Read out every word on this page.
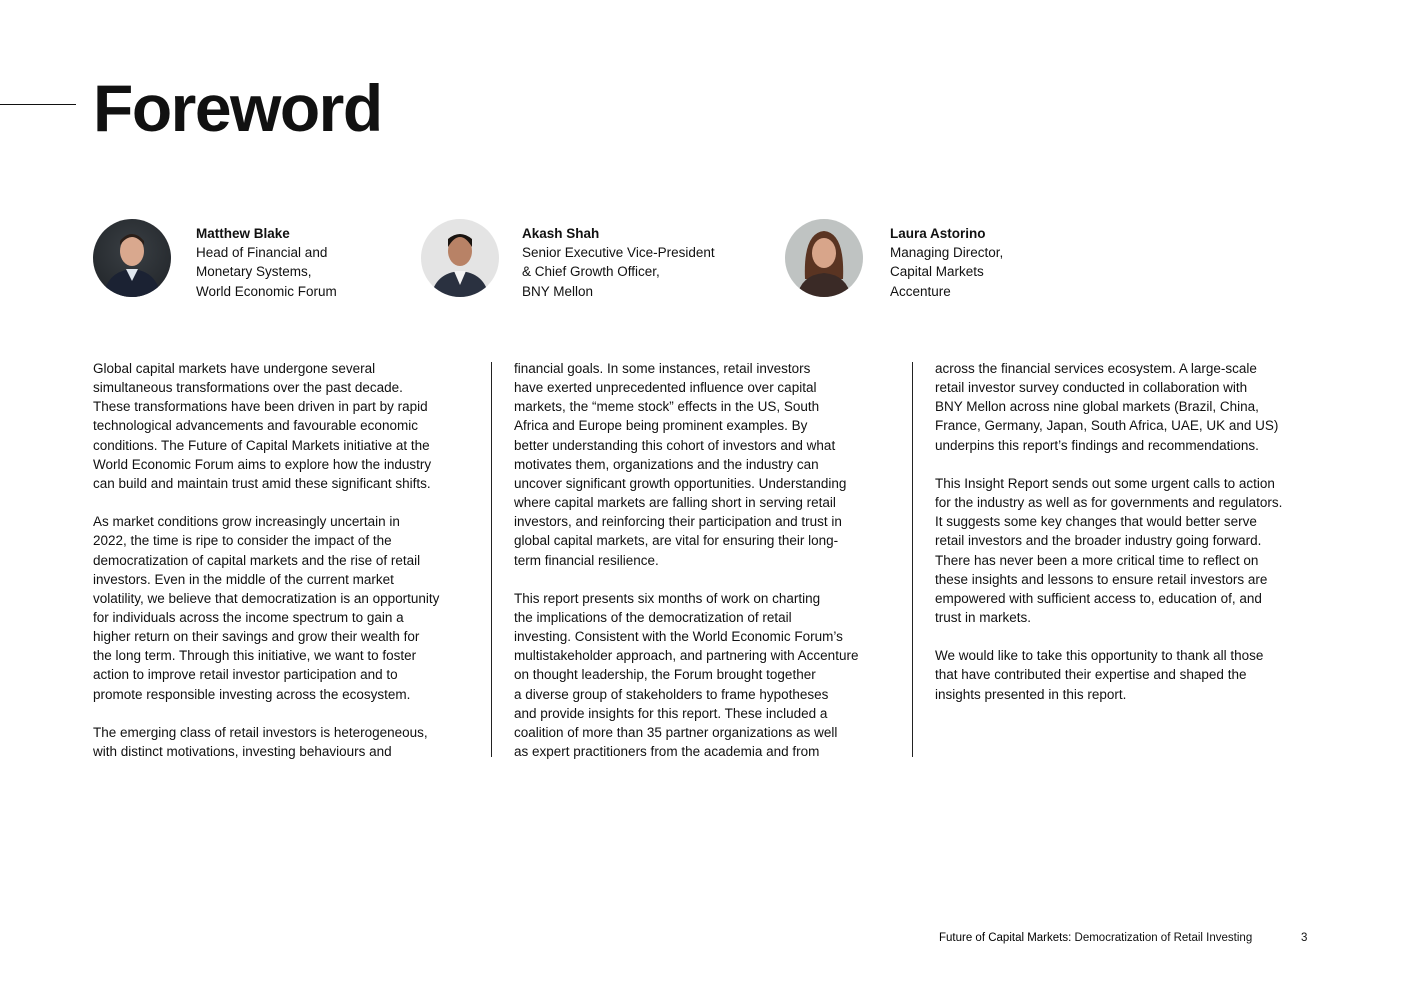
Foreword
Matthew Blake
Head of Financial and
Monetary Systems,
World Economic Forum
Akash Shah
Senior Executive Vice-President
& Chief Growth Officer,
BNY Mellon
Laura Astorino
Managing Director,
Capital Markets
Accenture

Global capital markets have undergone several
simultaneous transformations over the past decade.
These transformations have been driven in part by rapid
technological advancements and favourable economic
conditions. The Future of Capital Markets initiative at the
World Economic Forum aims to explore how the industry
can build and maintain trust amid these significant shifts.

As market conditions grow increasingly uncertain in
2022, the time is ripe to consider the impact of the
democratization of capital markets and the rise of retail
investors. Even in the middle of the current market
volatility, we believe that democratization is an opportunity
for individuals across the income spectrum to gain a
higher return on their savings and grow their wealth for
the long term. Through this initiative, we want to foster
action to improve retail investor participation and to
promote responsible investing across the ecosystem.

The emerging class of retail investors is heterogeneous,
with distinct motivations, investing behaviours and

financial goals. In some instances, retail investors
have exerted unprecedented influence over capital
markets, the “meme stock” effects in the US, South
Africa and Europe being prominent examples. By
better understanding this cohort of investors and what
motivates them, organizations and the industry can
uncover significant growth opportunities. Understanding
where capital markets are falling short in serving retail
investors, and reinforcing their participation and trust in
global capital markets, are vital for ensuring their long-
term financial resilience.

This report presents six months of work on charting
the implications of the democratization of retail
investing. Consistent with the World Economic Forum’s
multistakeholder approach, and partnering with Accenture
on thought leadership, the Forum brought together
a diverse group of stakeholders to frame hypotheses
and provide insights for this report. These included a
coalition of more than 35 partner organizations as well
as expert practitioners from the academia and from

across the financial services ecosystem. A large-scale
retail investor survey conducted in collaboration with
BNY Mellon across nine global markets (Brazil, China,
France, Germany, Japan, South Africa, UAE, UK and US)
underpins this report’s findings and recommendations.

This Insight Report sends out some urgent calls to action
for the industry as well as for governments and regulators.
It suggests some key changes that would better serve
retail investors and the broader industry going forward.
There has never been a more critical time to reflect on
these insights and lessons to ensure retail investors are
empowered with sufficient access to, education of, and
trust in markets.

We would like to take this opportunity to thank all those
that have contributed their expertise and shaped the
insights presented in this report.

Future of Capital Markets: Democratization of Retail Investing	3
